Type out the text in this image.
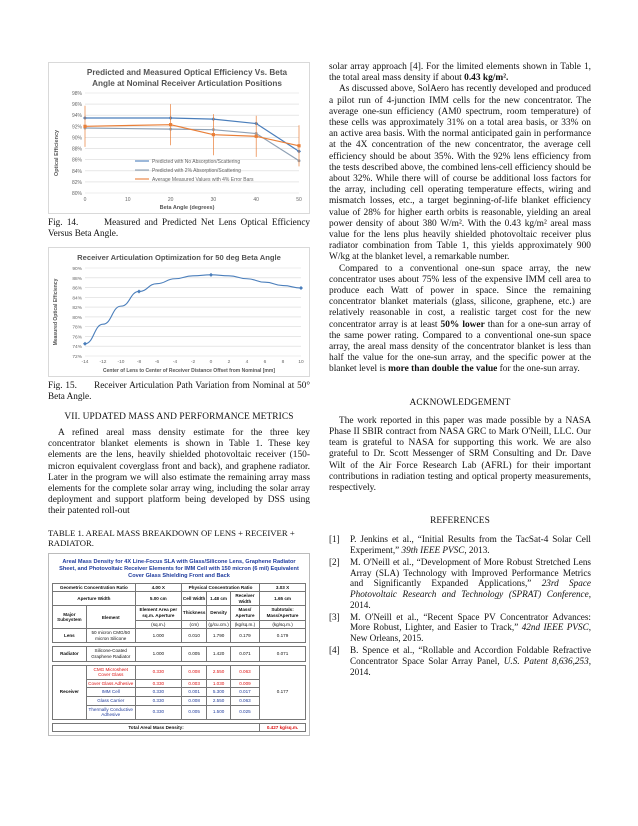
Predicted and Measured Optical Efficiency Vs. Beta
Angle at Nominal Receiver Articulation Positions
80%
82%
84%
86%
88%
90%
92%
94%
96%
98%
0	10	20	30	40	50
Predicted with No Absorption/Scattering
Predicted with 2% Absorption/Scattering
Average Measured Values with 4% Error Bars
Beta Angle (degrees)
Optical Efficiency

Fig. 14.	Measured and Predicted Net Lens Optical Efficiency Versus Beta Angle.

Receiver Articulation Optimization for 50 deg Beta Angle
72%
74%
76%
78%
80%
82%
84%
86%
88%
90%
-14 -12 -10	-8	-6	-4	-2	0	2	4	6	8	10
Center of Lens to Center of Receiver Distance Offset from Nominal [mm]
Measured Optical Efficiency

Fig. 15. Receiver Articulation Path Variation from Nominal at 50° Beta Angle.

VII. UPDATED MASS AND PERFORMANCE METRICS

A refined areal mass density estimate for the three key concentrator blanket elements is shown in Table 1. These key elements are the lens, heavily shielded photovoltaic receiver (150-micron equivalent coverglass front and back), and graphene radiator. Later in the program we will also estimate the remaining array mass elements for the complete solar array wing, including the solar array deployment and support platform being developed by DSS using their patented roll-out

TABLE 1. AREAL MASS BREAKDOWN OF LENS + RECEIVER + RADIATOR.
Areal Mass Density for 4X Line-Focus SLA with Glass/Silicone Lens, Graphene Radiator Sheet, and Photovoltaic Receiver Elements for IMM Cell with 150 micron (6 mil) Equivalent Cover Glass Shielding Front and Back
Geometric Concentration Ratio		4.00 X	Physical Concentration Ratio			3.03 X
Aperture Width		5.00 cm	Cell Width	1.48 cm	Receiver Width	1.65 cm
Major Subsystem	Element	Element Area per sq.m. Aperture	Thickness	Density	Mass/ Aperture	Subtotals: Mass/Aperture
		(sq.m.)	(cm)	(g/cu.cm.)	(kg/sq.m.)	(kg/sq.m.)
Lens	50 micron CMG/50 micron Silicone	1.000	0.010	1.790	0.179	0.179

Radiator	Silicone-Coated Graphene Radiator	1.000	0.005	1.420	0.071	0.071

Receiver	CMG Microsheet Cover Glass	0.330	0.008	2.550	0.063	0.177
	Cover Glass Adhesive	0.330	0.003	1.030	0.009	
	IMM Cell	0.330	0.001	5.300	0.017	
	Glass Carrier	0.330	0.008	2.550	0.063	
	Thermally Conductive Adhesive	0.330	0.005	1.500	0.025	

Total Areal Mass Density:						0.427 kg/sq.m.

solar array approach [4]. For the limited elements shown in Table 1, the total areal mass density if about 0.43 kg/m².

As discussed above, SolAero has recently developed and produced a pilot run of 4-junction IMM cells for the new concentrator. The average one-sun efficiency (AM0 spectrum, room temperature) of these cells was approximately 31% on a total area basis, or 33% on an active area basis. With the normal anticipated gain in performance at the 4X concentration of the new concentrator, the average cell efficiency should be about 35%. With the 92% lens efficiency from the tests described above, the combined lens-cell efficiency should be about 32%. While there will of course be additional loss factors for the array, including cell operating temperature effects, wiring and mismatch losses, etc., a target beginning-of-life blanket efficiency value of 28% for higher earth orbits is reasonable, yielding an areal power density of about 380 W/m². With the 0.43 kg/m² areal mass value for the lens plus heavily shielded photovoltaic receiver plus radiator combination from Table 1, this yields approximately 900 W/kg at the blanket level, a remarkable number.

Compared to a conventional one-sun space array, the new concentrator uses about 75% less of the expensive IMM cell area to produce each Watt of power in space. Since the remaining concentrator blanket materials (glass, silicone, graphene, etc.) are relatively reasonable in cost, a realistic target cost for the new concentrator array is at least 50% lower than for a one-sun array of the same power rating. Compared to a conventional one-sun space array, the areal mass density of the concentrator blanket is less than half the value for the one-sun array, and the specific power at the blanket level is more than double the value for the one-sun array.

ACKNOWLEDGEMENT

The work reported in this paper was made possible by a NASA Phase II SBIR contract from NASA GRC to Mark O'Neill, LLC. Our team is grateful to NASA for supporting this work. We are also grateful to Dr. Scott Messenger of SRM Consulting and Dr. Dave Wilt of the Air Force Research Lab (AFRL) for their important contributions in radiation testing and optical property measurements, respectively.

REFERENCES
[1] P. Jenkins et al., “Initial Results from the TacSat-4 Solar Cell Experiment,” 39th IEEE PVSC, 2013.
[2] M. O'Neill et al., “Development of More Robust Stretched Lens Array (SLA) Technology with Improved Performance Metrics and Significantly Expanded Applications,” 23rd Space Photovoltaic Research and Technology (SPRAT) Conference, 2014.
[3] M. O'Neill et al., “Recent Space PV Concentrator Advances: More Robust, Lighter, and Easier to Track,” 42nd IEEE PVSC, New Orleans, 2015.
[4] B. Spence et al., “Rollable and Accordion Foldable Refractive Concentrator Space Solar Array Panel, U.S. Patent 8,636,253, 2014.
